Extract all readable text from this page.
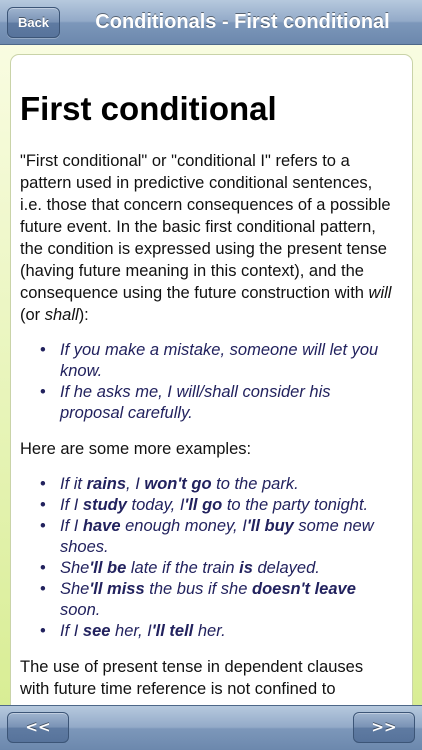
Back	Conditionals - First conditional
First conditional

"First conditional" or "conditional I" refers to a pattern used in predictive conditional sentences, i.e. those that concern consequences of a possible future event. In the basic first conditional pattern, the condition is expressed using the present tense (having future meaning in this context), and the consequence using the future construction with will (or shall):

• If you make a mistake, someone will let you know.
• If he asks me, I will/shall consider his proposal carefully.

Here are some more examples:

• If it rains, I won't go to the park.
• If I study today, I'll go to the party tonight.
• If I have enough money, I'll buy some new shoes.
• She'll be late if the train is delayed.
• She'll miss the bus if she doesn't leave soon.
• If I see her, I'll tell her.

The use of present tense in dependent clauses with future time reference is not confined to

<<	>>
